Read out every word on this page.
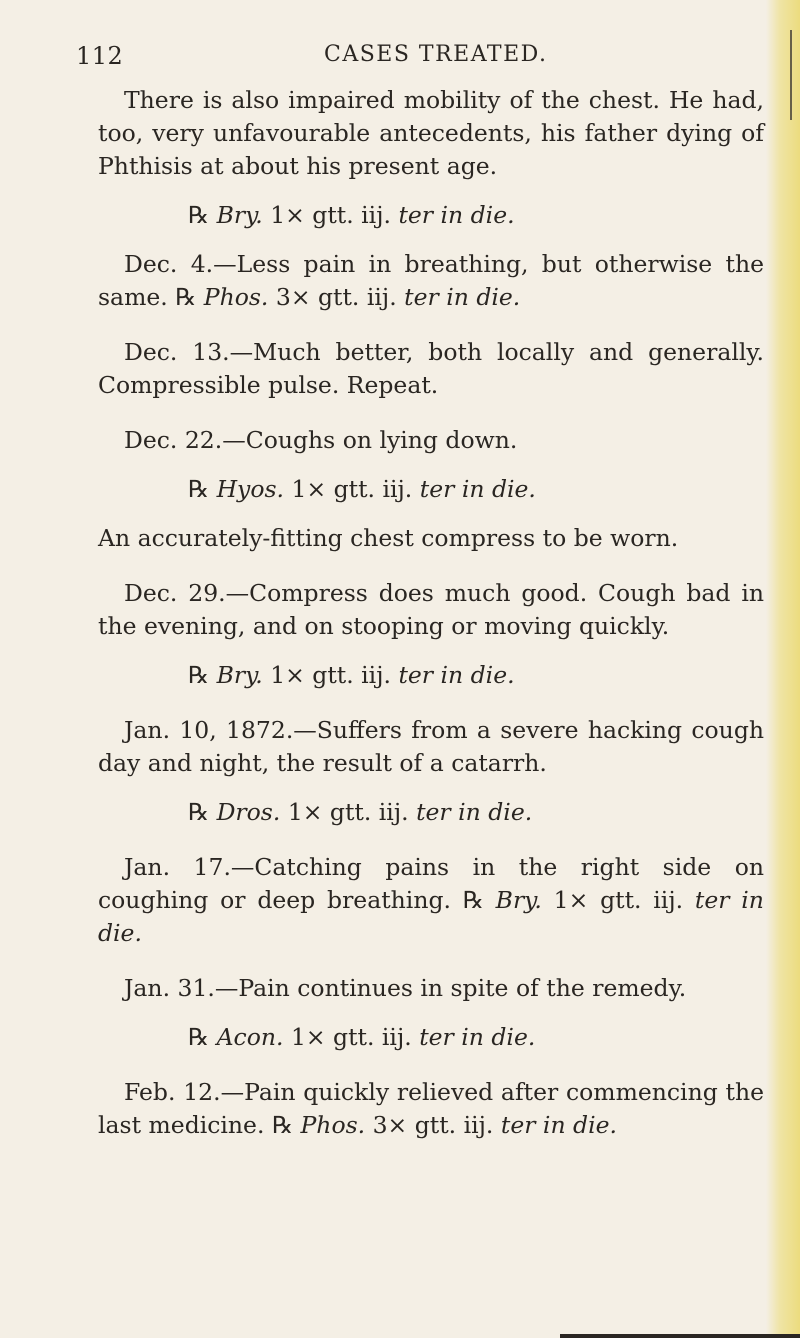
112	CASES TREATED.

There is also impaired mobility of the chest. He had, too, very unfavourable antecedents, his father dying of Phthisis at about his present age.

℞ Bry. 1× gtt. iij. ter in die.

Dec. 4.—Less pain in breathing, but otherwise the same. ℞ Phos. 3× gtt. iij. ter in die.

Dec. 13.—Much better, both locally and generally. Compressible pulse. Repeat.

Dec. 22.—Coughs on lying down.

℞ Hyos. 1× gtt. iij. ter in die.

An accurately-fitting chest compress to be worn.

Dec. 29.—Compress does much good. Cough bad in the evening, and on stooping or moving quickly.

℞ Bry. 1× gtt. iij. ter in die.

Jan. 10, 1872.—Suffers from a severe hacking cough day and night, the result of a catarrh.

℞ Dros. 1× gtt. iij. ter in die.

Jan. 17.—Catching pains in the right side on coughing or deep breathing. ℞ Bry. 1× gtt. iij. ter in die.

Jan. 31.—Pain continues in spite of the remedy.

℞ Acon. 1× gtt. iij. ter in die.

Feb. 12.—Pain quickly relieved after commencing the last medicine. ℞ Phos. 3× gtt. iij. ter in die.
